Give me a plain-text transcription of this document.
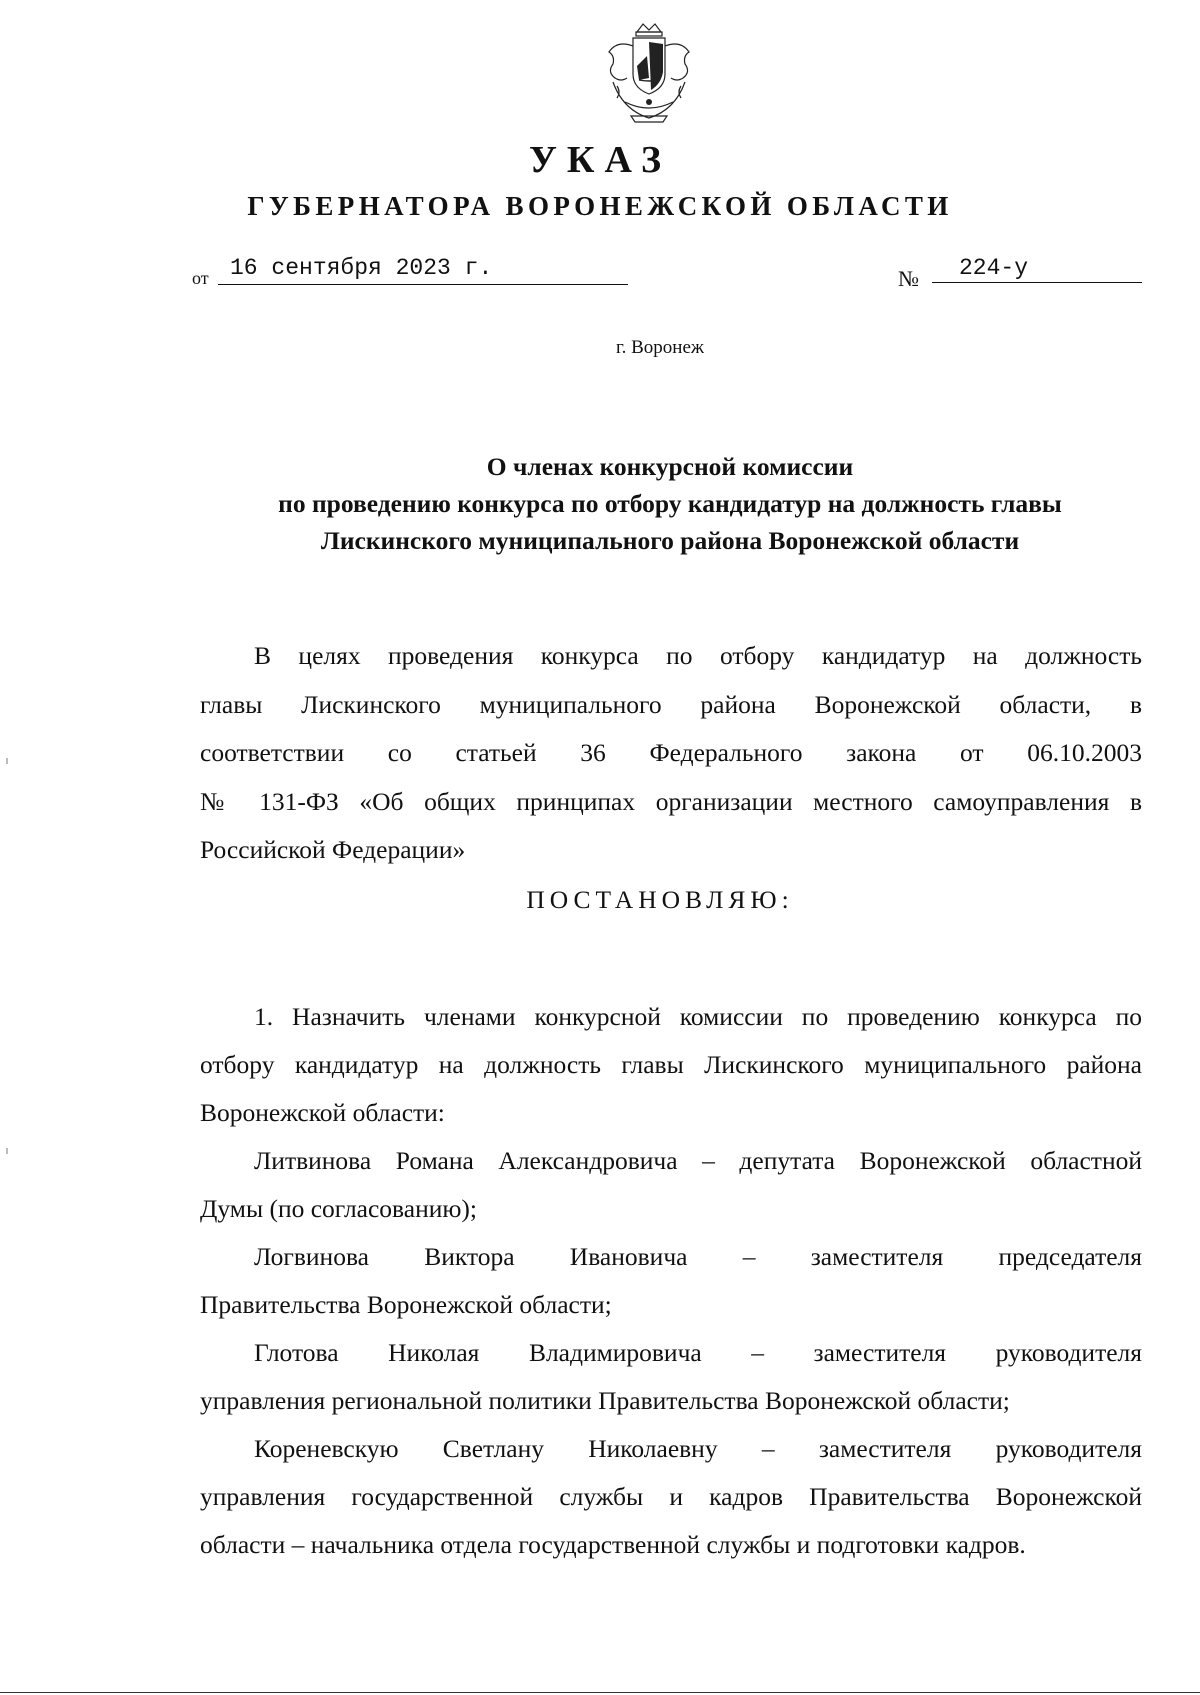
УКАЗ
ГУБЕРНАТОРА ВОРОНЕЖСКОЙ ОБЛАСТИ
от 16 сентября 2023 г.	№ 224-у
г. Воронеж
О членах конкурсной комиссии
по проведению конкурса по отбору кандидатур на должность главы
Лискинского муниципального района Воронежской области
В целях проведения конкурса по отбору кандидатур на должность
главы Лискинского муниципального района Воронежской области, в
соответствии со статьей 36 Федерального закона от 06.10.2003
№ 131-ФЗ «Об общих принципах организации местного самоуправления в
Российской Федерации»
ПОСТАНОВЛЯЮ:
1. Назначить членами конкурсной комиссии по проведению конкурса по
отбору кандидатур на должность главы Лискинского муниципального района
Воронежской области:
Литвинова Романа Александровича – депутата Воронежской областной
Думы (по согласованию);
Логвинова Виктора Ивановича – заместителя председателя
Правительства Воронежской области;
Глотова Николая Владимировича – заместителя руководителя
управления региональной политики Правительства Воронежской области;
Кореневскую Светлану Николаевну – заместителя руководителя
управления государственной службы и кадров Правительства Воронежской
области – начальника отдела государственной службы и подготовки кадров.
